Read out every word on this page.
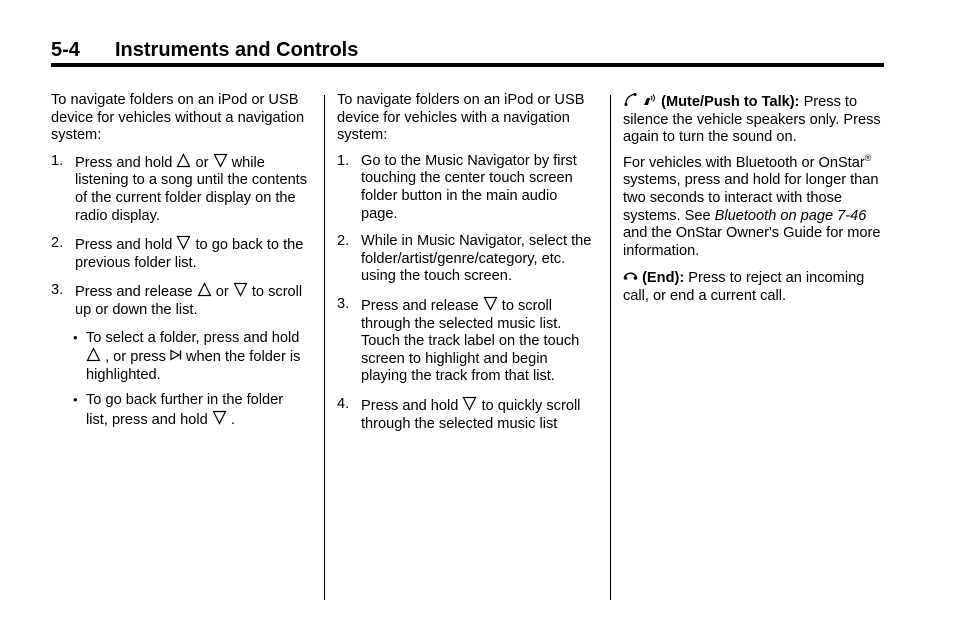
5-4 Instruments and Controls

To navigate folders on an iPod or USB device for vehicles without a navigation system:

1. Press and hold or while listening to a song until the contents of the current folder display on the radio display.
2. Press and hold to go back to the previous folder list.
3. Press and release or to scroll up or down the list.
• To select a folder, press and hold
, or press when the folder is highlighted.
• To go back further in the folder list, press and hold .

To navigate folders on an iPod or USB device for vehicles with a navigation system:

1. Go to the Music Navigator by first touching the center touch screen folder button in the main audio page.
2. While in Music Navigator, select the folder/artist/genre/category, etc. using the touch screen.
3. Press and release to scroll through the selected music list. Touch the track label on the touch screen to highlight and begin playing the track from that list.
4. Press and hold to quickly scroll through the selected music list

(Mute/Push to Talk): Press to silence the vehicle speakers only. Press again to turn the sound on.

For vehicles with Bluetooth or OnStar® systems, press and hold for longer than two seconds to interact with those systems. See Bluetooth on page 7-46 and the OnStar Owner's Guide for more information.

(End): Press to reject an incoming call, or end a current call.
